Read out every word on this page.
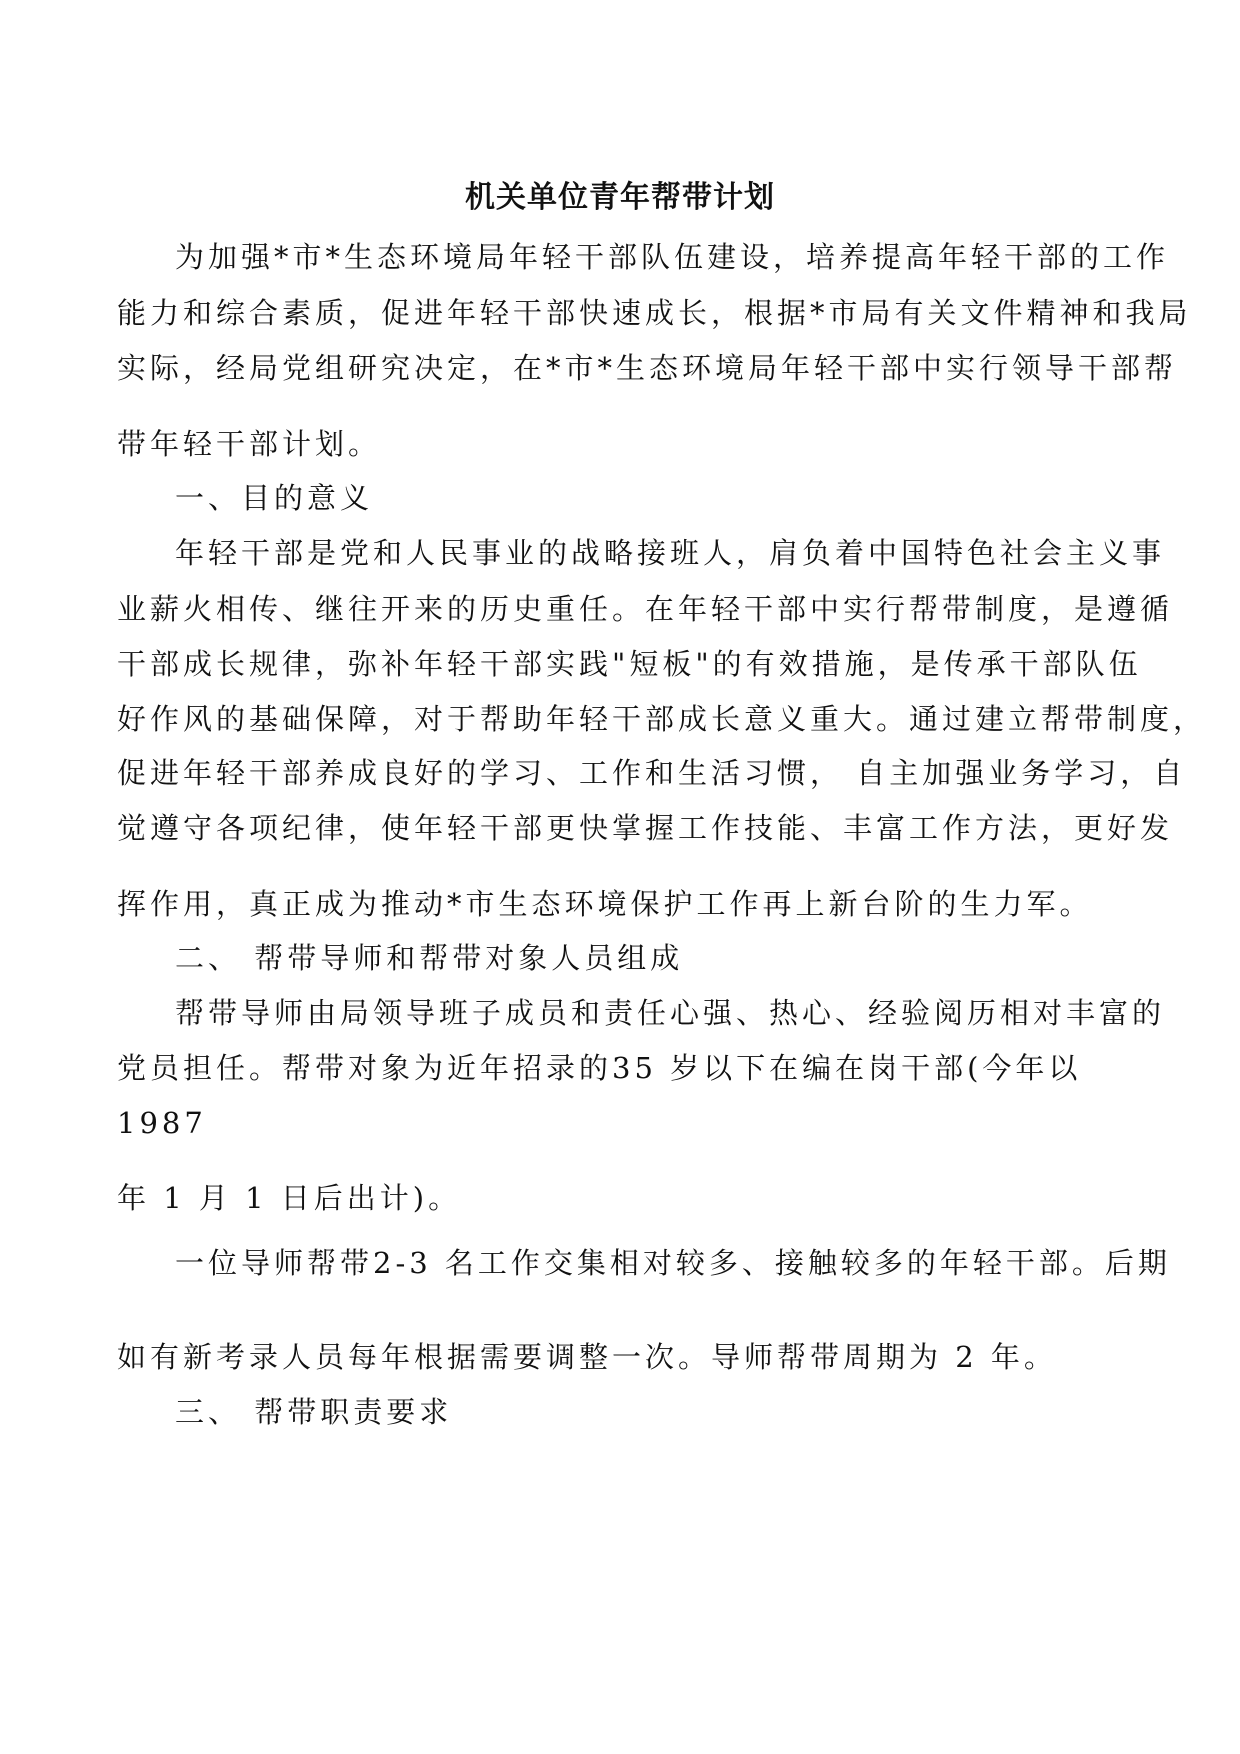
机关单位青年帮带计划
为加强*市*生态环境局年轻干部队伍建设，培养提高年轻干部的工作
能力和综合素质，促进年轻干部快速成长，根据*市局有关文件精神和我局
实际，经局党组研究决定，在*市*生态环境局年轻干部中实行领导干部帮
带年轻干部计划。
一、目的意义
年轻干部是党和人民事业的战略接班人，肩负着中国特色社会主义事
业薪火相传、继往开来的历史重任。在年轻干部中实行帮带制度，是遵循
干部成长规律，弥补年轻干部实践"短板"的有效措施，是传承干部队伍
好作风的基础保障，对于帮助年轻干部成长意义重大。通过建立帮带制度，
促进年轻干部养成良好的学习、工作和生活习惯， 自主加强业务学习，自
觉遵守各项纪律，使年轻干部更快掌握工作技能、丰富工作方法，更好发
挥作用，真正成为推动*市生态环境保护工作再上新台阶的生力军。
二、 帮带导师和帮带对象人员组成
帮带导师由局领导班子成员和责任心强、热心、经验阅历相对丰富的
党员担任。帮带对象为近年招录的35 岁以下在编在岗干部(今年以
1987
年 1 月 1 日后出计)。
一位导师帮带2-3 名工作交集相对较多、接触较多的年轻干部。后期
如有新考录人员每年根据需要调整一次。导师帮带周期为 2 年。
三、 帮带职责要求
